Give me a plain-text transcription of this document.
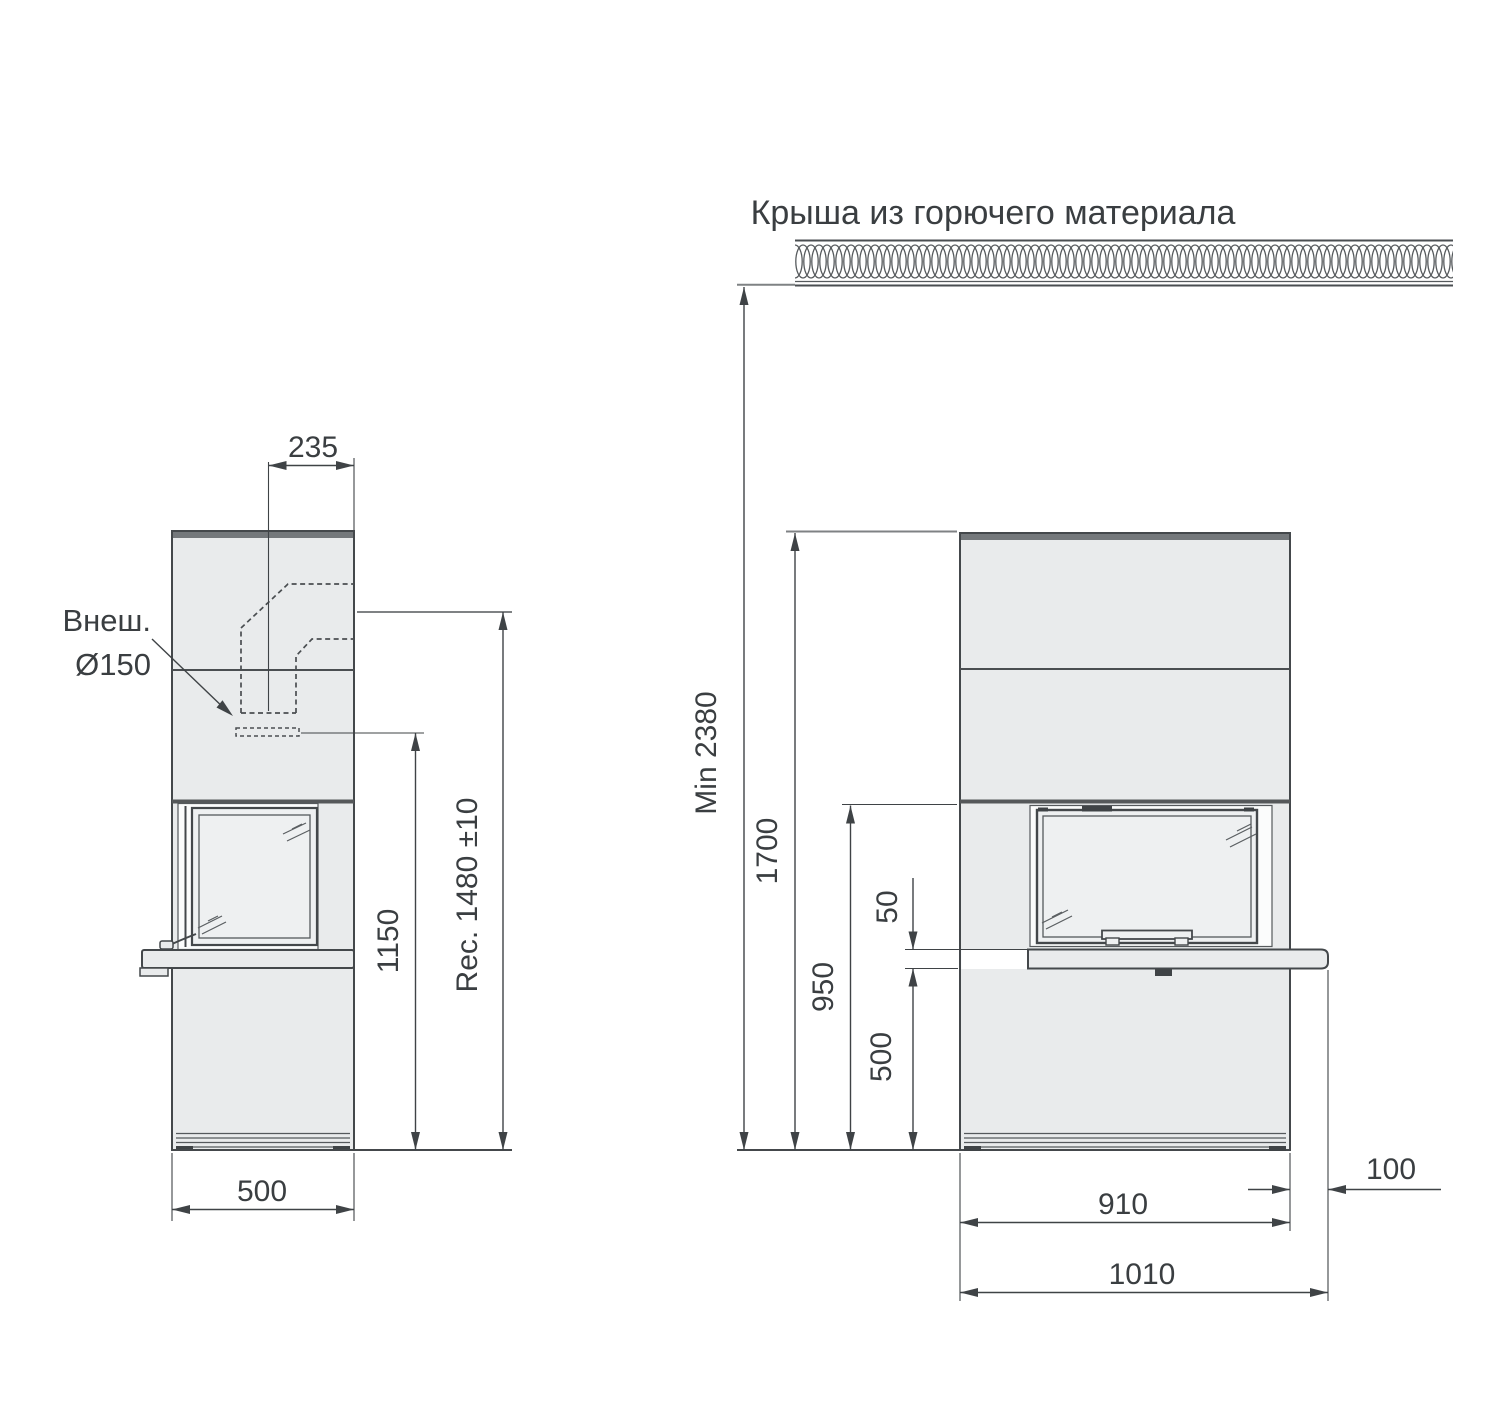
Крыша из горючего материала
235
Внеш.
Ø150
1150 Rec. 1480 ±10
500
Min 2380
1700
950
50
500
100
910
1010
